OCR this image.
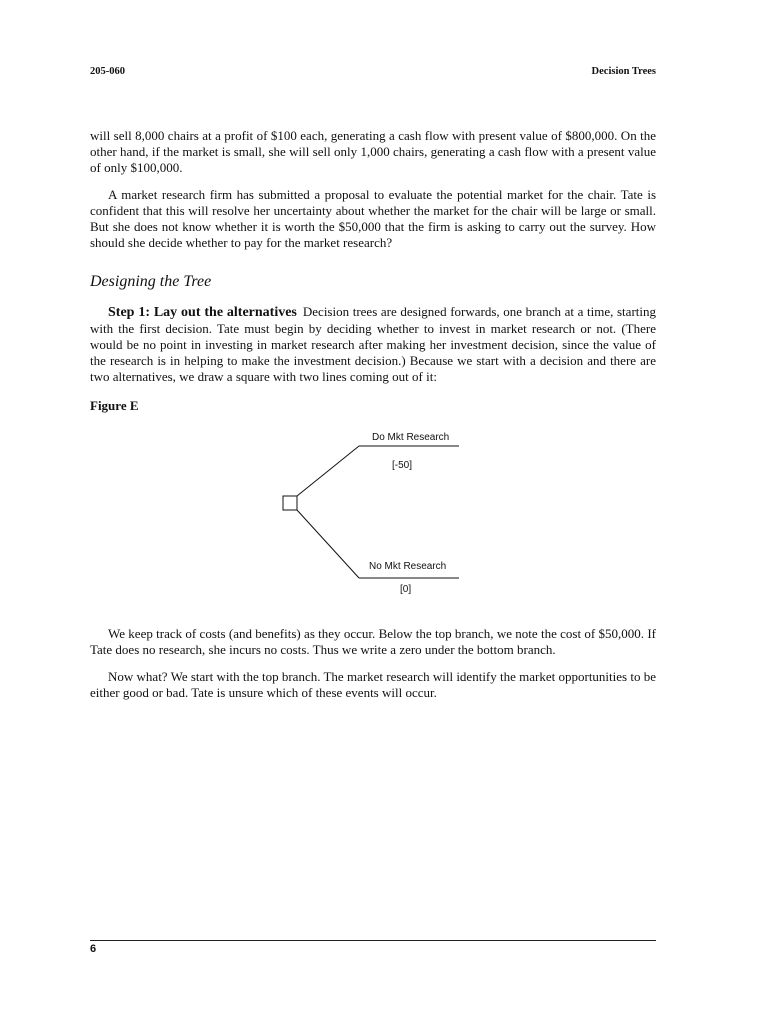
205-060	Decision Trees

will sell 8,000 chairs at a profit of $100 each, generating a cash flow with present value of $800,000. On the other hand, if the market is small, she will sell only 1,000 chairs, generating a cash flow with a present value of only $100,000.

A market research firm has submitted a proposal to evaluate the potential market for the chair. Tate is confident that this will resolve her uncertainty about whether the market for the chair will be large or small. But she does not know whether it is worth the $50,000 that the firm is asking to carry out the survey. How should she decide whether to pay for the market research?

Designing the Tree

Step 1: Lay out the alternatives Decision trees are designed forwards, one branch at a time, starting with the first decision. Tate must begin by deciding whether to invest in market research or not. (There would be no point in investing in market research after making her investment decision, since the value of the research is in helping to make the investment decision.) Because we start with a decision and there are two alternatives, we draw a square with two lines coming out of it:

Figure E

Do Mkt Research
[-50]
No Mkt Research
[0]

We keep track of costs (and benefits) as they occur. Below the top branch, we note the cost of $50,000. If Tate does no research, she incurs no costs. Thus we write a zero under the bottom branch.

Now what? We start with the top branch. The market research will identify the market opportunities to be either good or bad. Tate is unsure which of these events will occur.

6
